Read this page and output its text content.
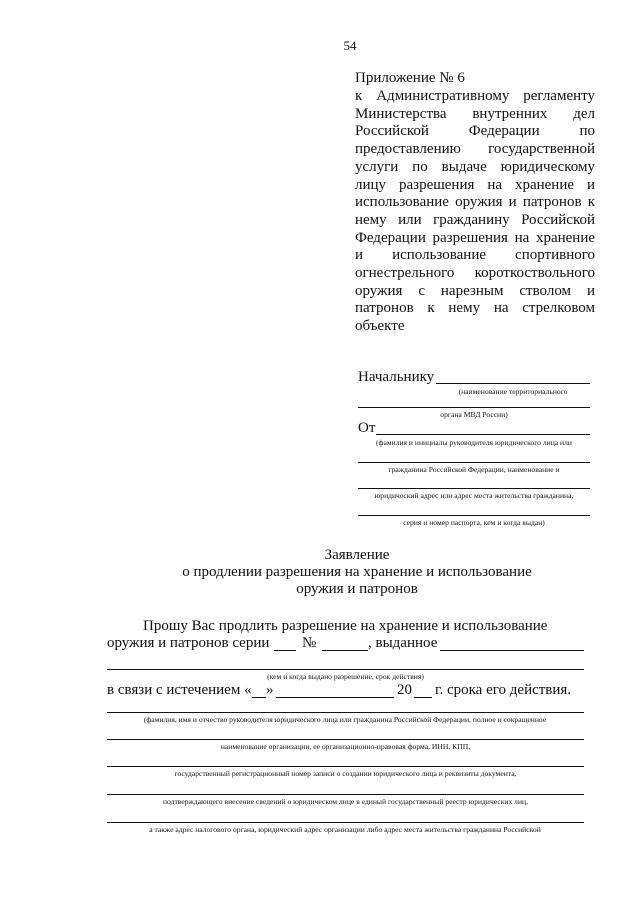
54
Приложение № 6
к Административному регламенту
Министерства внутренних дел
Российской Федерации по
предоставлению государственной
услуги по выдаче юридическому
лицу разрешения на хранение и
использование оружия и патронов к
нему или гражданину Российской
Федерации разрешения на хранение
и использование спортивного
огнестрельного короткоствольного
оружия с нарезным стволом и
патронов к нему на стрелковом
объекте
Начальнику
(наименование территориального
органа МВД России)
От
(фамилия и инициалы руководителя юридического лица или
гражданина Российской Федерации, наименование и
юридический адрес или адрес места жительства гражданина,
серия и номер паспорта, кем и когда выдан)
Заявление
о продлении разрешения на хранение и использование
оружия и патронов
Прошу Вас продлить разрешение на хранение и использование
оружия и патронов серии №	, выданное
(кем и когда выдано разрешение, срок действия)
в связи с истечением « »	20 г. срока его действия.
(фамилия, имя и отчество руководителя юридического лица или гражданина Российской Федерации, полное и сокращенное
наименование организации, ее организационно-правовая форма, ИНН, КПП,
государственный регистрационный номер записи о создании юридического лица и реквизиты документа,
подтверждающего внесение сведений о юридическом лице в единый государственный реестр юридических лиц,
а также адрес налогового органа, юридический адрес организации либо адрес места жительства гражданина Российской
